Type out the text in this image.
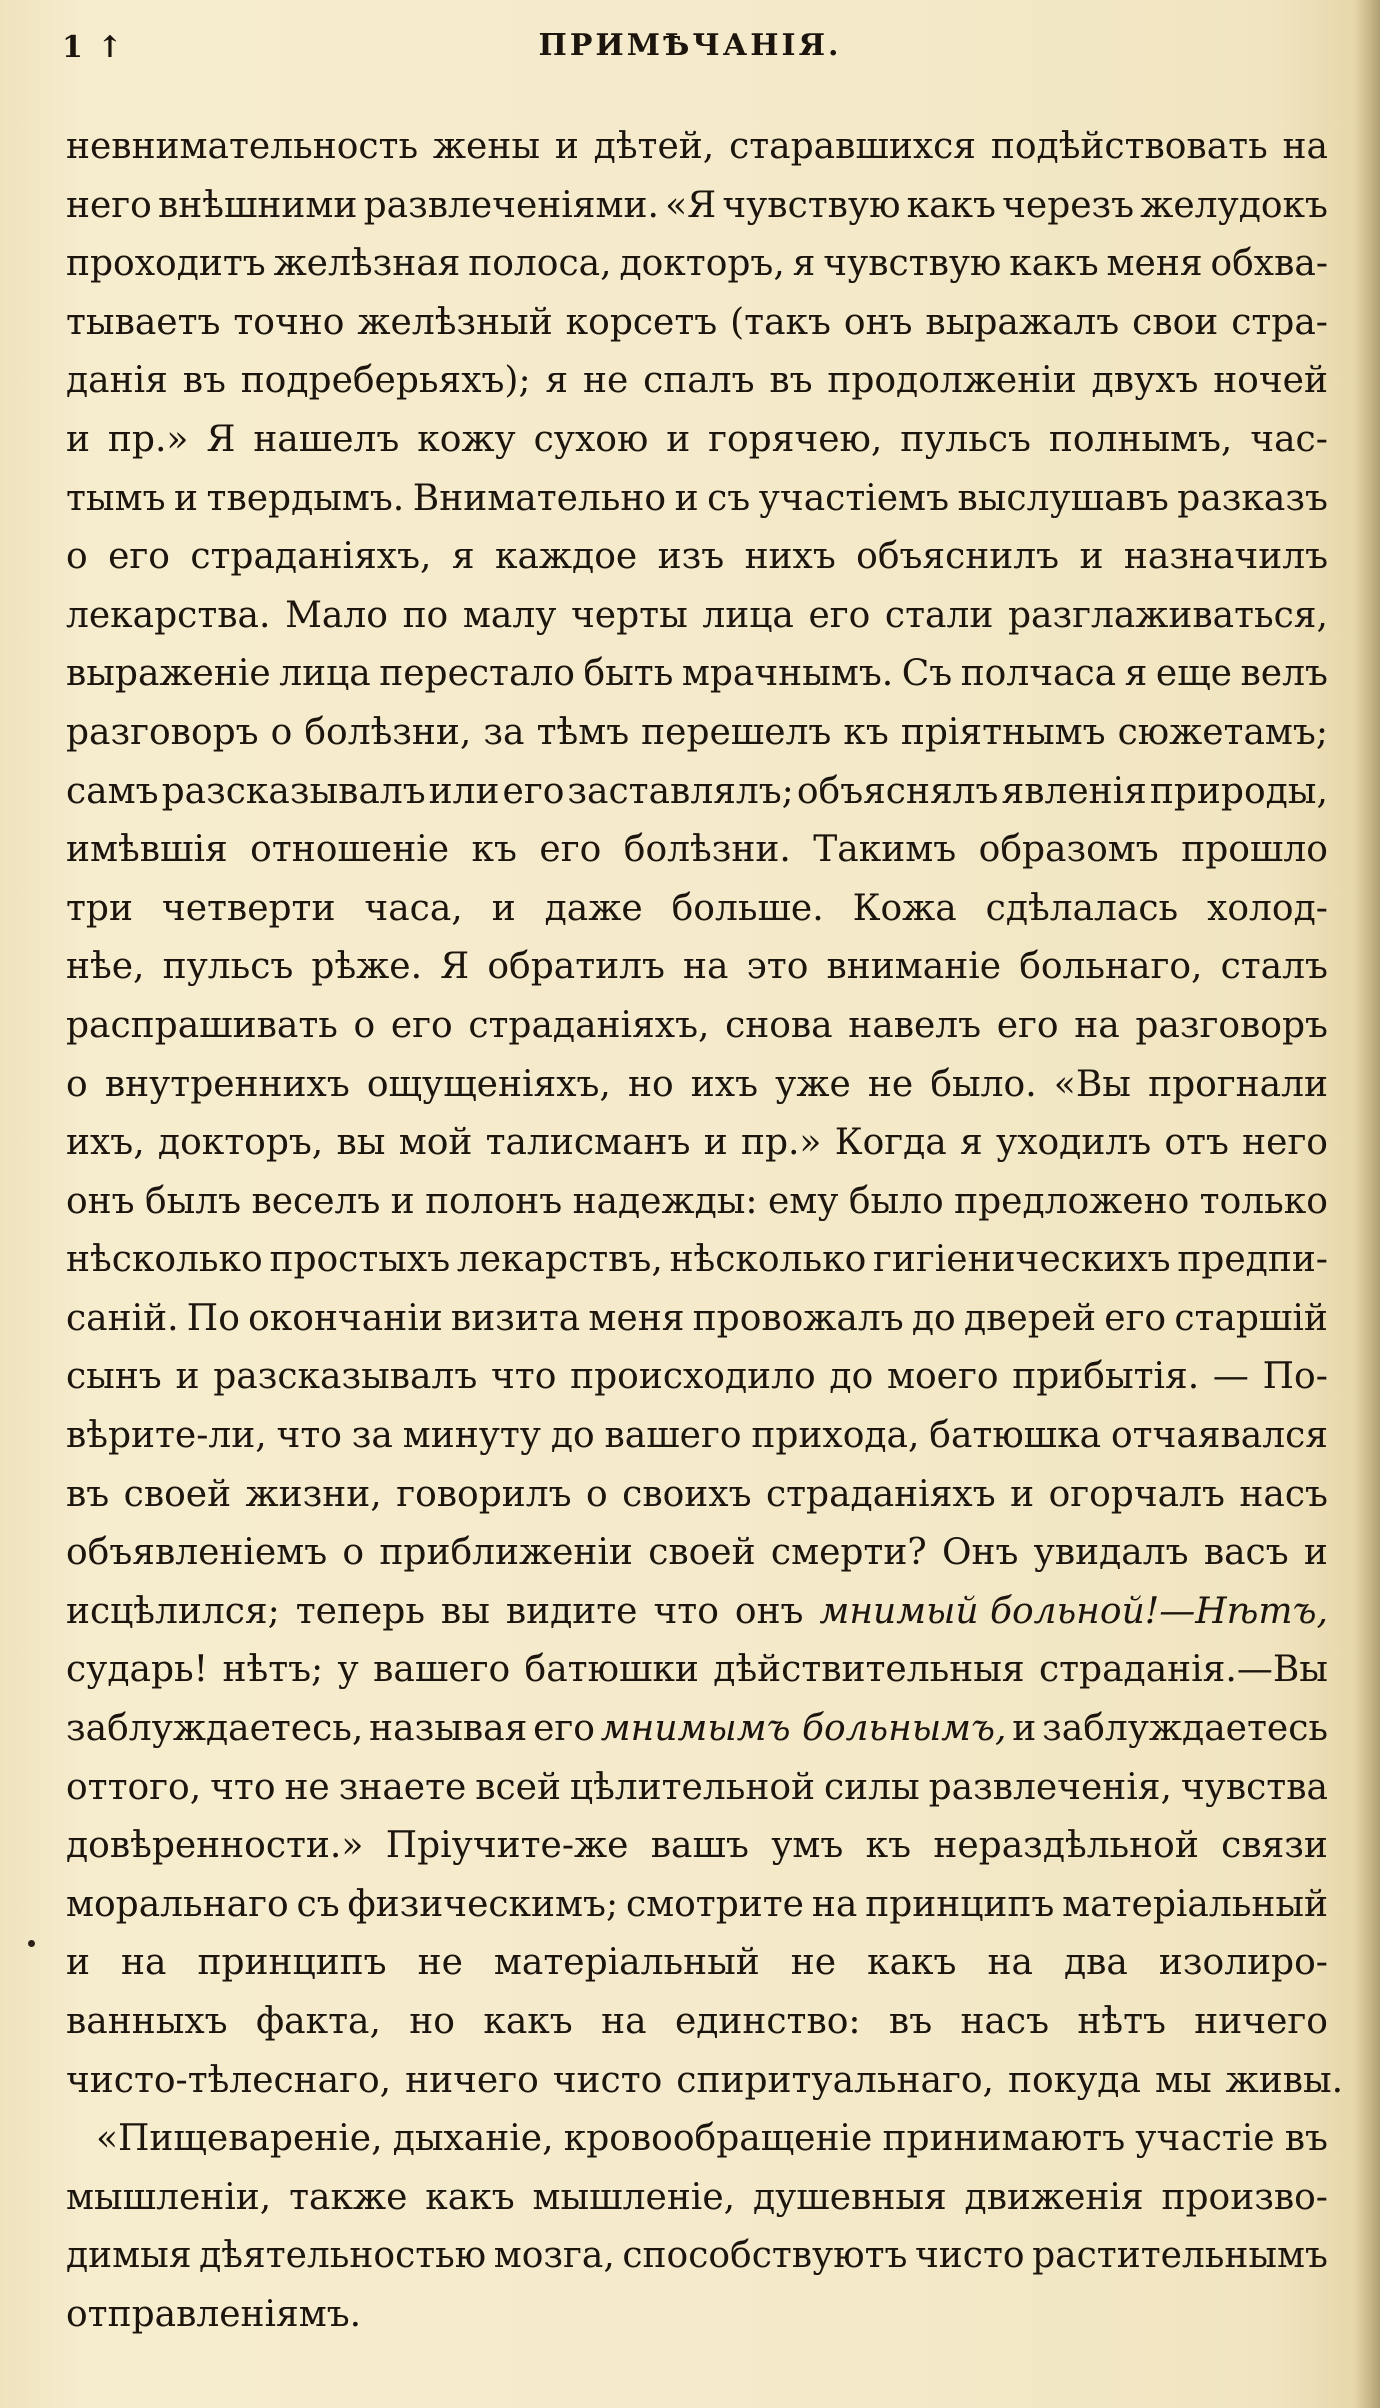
1 ↑	ПРИМѢЧАНІЯ.
невнимательность жены и дѣтей, старавшихся подѣйствовать на
него внѣшними развлеченіями. «Я чувствую какъ черезъ желудокъ
проходитъ желѣзная полоса, докторъ, я чувствую какъ меня обхва-
тываетъ точно желѣзный корсетъ (такъ онъ выражалъ свои стра-
данія въ подреберьяхъ); я не спалъ въ продолженіи двухъ ночей
и пр.» Я нашелъ кожу сухою и горячею, пульсъ полнымъ, час-
тымъ и твердымъ. Внимательно и съ участіемъ выслушавъ разказъ
о его страданіяхъ, я каждое изъ нихъ объяснилъ и назначилъ
лекарства. Мало по малу черты лица его стали разглаживаться,
выраженіе лица перестало быть мрачнымъ. Съ полчаса я еще велъ
разговоръ о болѣзни, за тѣмъ перешелъ къ пріятнымъ сюжетамъ;
самъ разсказывалъ или его заставлялъ; объяснялъ явленія природы,
имѣвшія отношеніе къ его болѣзни. Такимъ образомъ прошло
три четверти часа, и даже больше. Кожа сдѣлалась холод-
нѣе, пульсъ рѣже. Я обратилъ на это вниманіе больнаго, сталъ
распрашивать о его страданіяхъ, снова навелъ его на разговоръ
о внутреннихъ ощущеніяхъ, но ихъ уже не было. «Вы прогнали
ихъ, докторъ, вы мой талисманъ и пр.» Когда я уходилъ отъ него
онъ былъ веселъ и полонъ надежды: ему было предложено только
нѣсколько простыхъ лекарствъ, нѣсколько гигіеническихъ предпи-
саній. По окончаніи визита меня провожалъ до дверей его старшій
сынъ и разсказывалъ что происходило до моего прибытія. — По-
вѣрите-ли, что за минуту до вашего прихода, батюшка отчаявался
въ своей жизни, говорилъ о своихъ страданіяхъ и огорчалъ насъ
объявленіемъ о приближеніи своей смерти? Онъ увидалъ васъ и
исцѣлился; теперь вы видите что онъ мнимый больной!—Нѣтъ,
сударь! нѣтъ; у вашего батюшки дѣйствительныя страданія.—Вы
заблуждаетесь, называя его мнимымъ больнымъ, и заблуждаетесь
оттого, что не знаете всей цѣлительной силы развлеченія, чувства
довѣренности.» Пріучите-же вашъ умъ къ нераздѣльной связи
моральнаго съ физическимъ; смотрите на принципъ матеріальный
и на принципъ не матеріальный не какъ на два изолиро-
ванныхъ факта, но какъ на единство: въ насъ нѣтъ ничего
чисто-тѣлеснаго, ничего чисто спиритуальнаго, покуда мы живы.
«Пищевареніе, дыханіе, кровообращеніе принимаютъ участіе въ
мышленіи, также какъ мышленіе, душевныя движенія произво-
димыя дѣятельностью мозга, способствуютъ чисто растительнымъ
отправленіямъ.
